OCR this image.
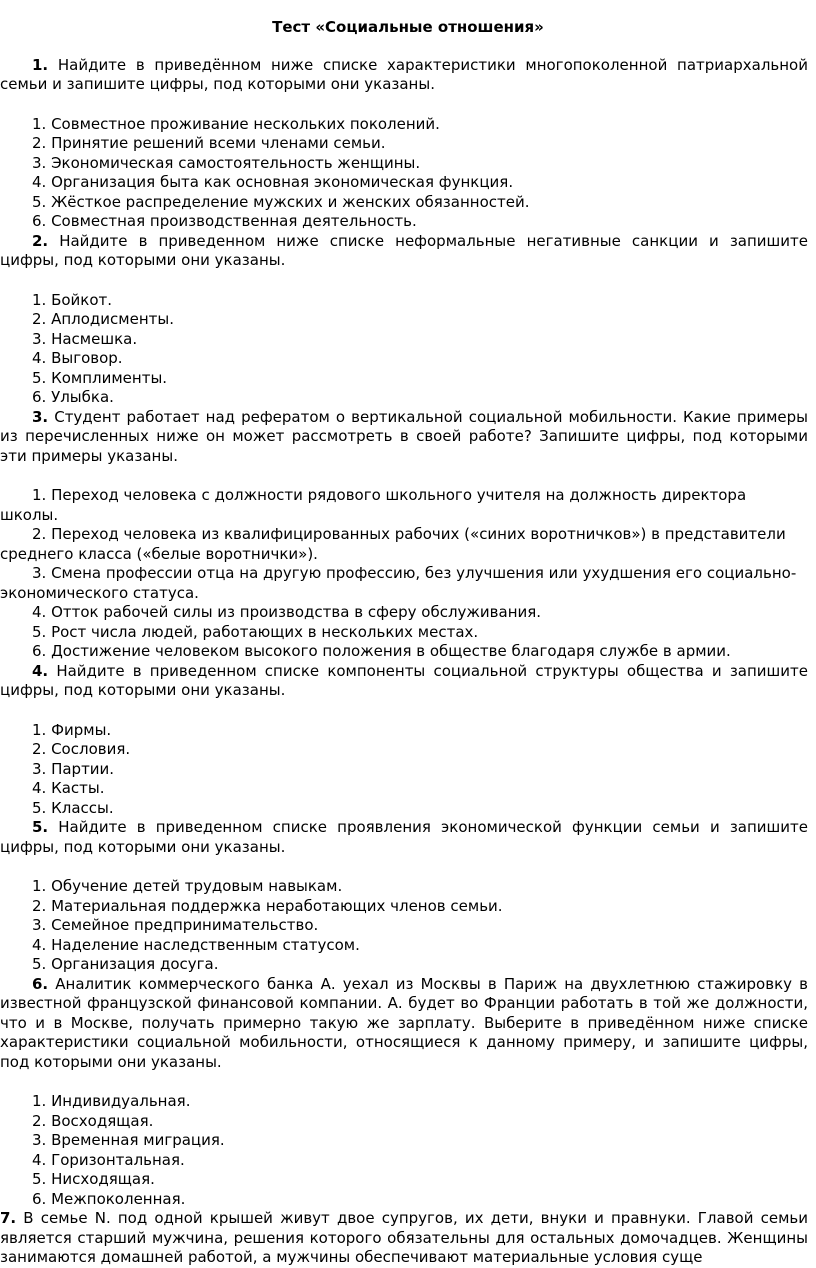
Тест «Социальные отношения»
1. Найдите в приведённом ниже списке характеристики многопоколенной патриархальной семьи и запишите цифры, под которыми они указаны.
1. Совместное проживание нескольких поколений.
2. Принятие решений всеми членами семьи.
3. Экономическая самостоятельность женщины.
4. Организация быта как основная экономическая функция.
5. Жёсткое распределение мужских и женских обязанностей.
6. Совместная производственная деятельность.
2. Найдите в приведенном ниже списке неформальные негативные санкции и запишите цифры, под которыми они указаны.
1. Бойкот.
2. Аплодисменты.
3. Насмешка.
4. Выговор.
5. Комплименты.
6. Улыбка.
3. Студент работает над рефератом о вертикальной социальной мобильности. Какие примеры из перечисленных ниже он может рассмотреть в своей работе? Запишите цифры, под которыми эти примеры указаны.
1. Переход человека с должности рядового школьного учителя на должность директора школы.
2. Переход человека из квалифицированных рабочих («синих воротничков») в представители среднего класса («белые воротнички»).
3. Смена профессии отца на другую профессию, без улучшения или ухудшения его социально-экономического статуса.
4. Отток рабочей силы из производства в сферу обслуживания.
5. Рост числа людей, работающих в нескольких местах.
6. Достижение человеком высокого положения в обществе благодаря службе в армии.
4. Найдите в приведенном списке компоненты социальной структуры общества и запишите цифры, под которыми они указаны.
1. Фирмы.
2. Сословия.
3. Партии.
4. Касты.
5. Классы.
5. Найдите в приведенном списке проявления экономической функции семьи и запишите цифры, под которыми они указаны.
1. Обучение детей трудовым навыкам.
2. Материальная поддержка неработающих членов семьи.
3. Семейное предпринимательство.
4. Наделение наследственным статусом.
5. Организация досуга.
6. Аналитик коммерческого банка А. уехал из Москвы в Париж на двухлетнюю стажировку в известной французской финансовой компании. А. будет во Франции работать в той же должности, что и в Москве, получать примерно такую же зарплату. Выберите в приведённом ниже списке характеристики социальной мобильности, относящиеся к данному примеру, и запишите цифры, под которыми они указаны.
1. Индивидуальная.
2. Восходящая.
3. Временная миграция.
4. Горизонтальная.
5. Нисходящая.
6. Межпоколенная.
7. В семье N. под одной крышей живут двое супругов, их дети, внуки и правнуки. Главой семьи является старший мужчина, решения которого обязательны для остальных домочадцев. Женщины занимаются домашней работой, а мужчины обеспечивают материальные условия суще
